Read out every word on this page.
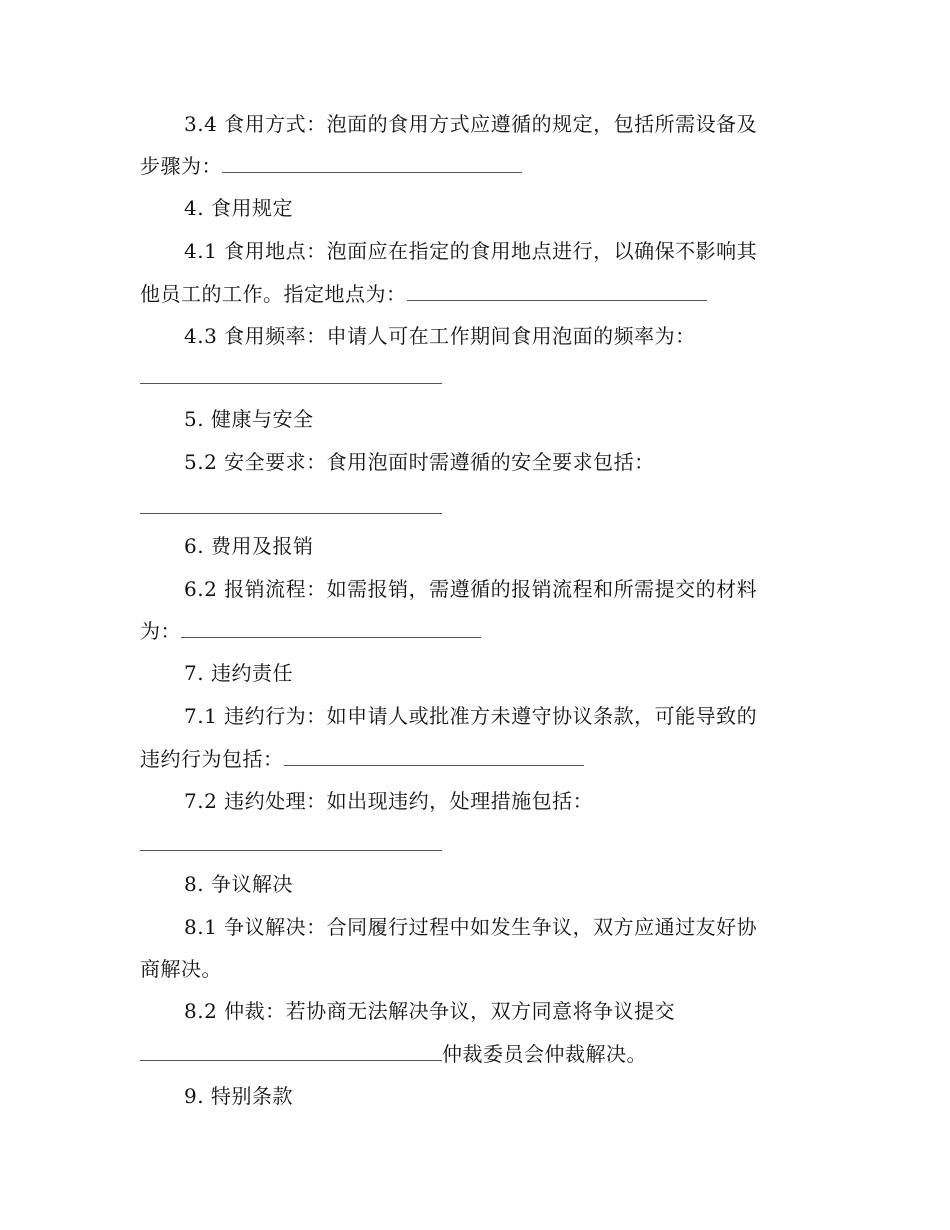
3.4 食用方式：泡面的食用方式应遵循的规定，包括所需设备及
步骤为：
4. 食用规定
4.1 食用地点：泡面应在指定的食用地点进行，以确保不影响其
他员工的工作。指定地点为：
4.3 食用频率：申请人可在工作期间食用泡面的频率为：
5. 健康与安全
5.2 安全要求：食用泡面时需遵循的安全要求包括：
6. 费用及报销
6.2 报销流程：如需报销，需遵循的报销流程和所需提交的材料
为：
7. 违约责任
7.1 违约行为：如申请人或批准方未遵守协议条款，可能导致的
违约行为包括：
7.2 违约处理：如出现违约，处理措施包括：
8. 争议解决
8.1 争议解决：合同履行过程中如发生争议，双方应通过友好协
商解决。
8.2 仲裁：若协商无法解决争议，双方同意将争议提交
仲裁委员会仲裁解决。
9. 特别条款
